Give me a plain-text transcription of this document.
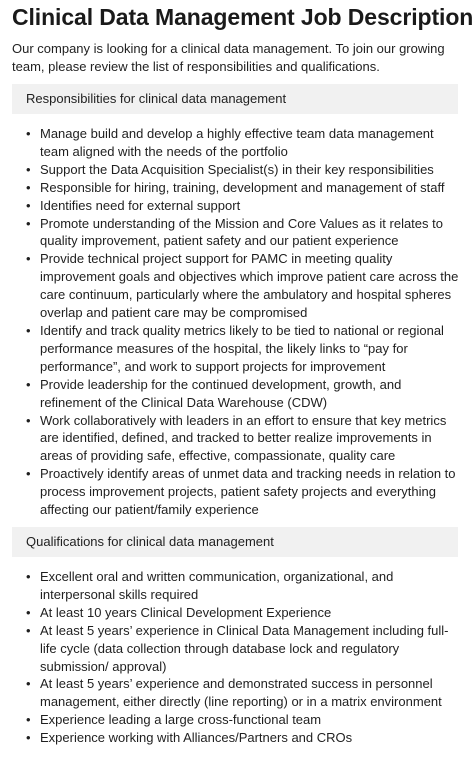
Clinical Data Management Job Description

Our company is looking for a clinical data management. To join our growing team, please review the list of responsibilities and qualifications.

Responsibilities for clinical data management
• Manage build and develop a highly effective team data management team aligned with the needs of the portfolio
• Support the Data Acquisition Specialist(s) in their key responsibilities
• Responsible for hiring, training, development and management of staff
• Identifies need for external support
• Promote understanding of the Mission and Core Values as it relates to quality improvement, patient safety and our patient experience
• Provide technical project support for PAMC in meeting quality improvement goals and objectives which improve patient care across the care continuum, particularly where the ambulatory and hospital spheres overlap and patient care may be compromised
• Identify and track quality metrics likely to be tied to national or regional performance measures of the hospital, the likely links to “pay for performance”, and work to support projects for improvement
• Provide leadership for the continued development, growth, and refinement of the Clinical Data Warehouse (CDW)
• Work collaboratively with leaders in an effort to ensure that key metrics are identified, defined, and tracked to better realize improvements in areas of providing safe, effective, compassionate, quality care
• Proactively identify areas of unmet data and tracking needs in relation to process improvement projects, patient safety projects and everything affecting our patient/family experience
Qualifications for clinical data management
• Excellent oral and written communication, organizational, and interpersonal skills required
• At least 10 years Clinical Development Experience
• At least 5 years’ experience in Clinical Data Management including full-life cycle (data collection through database lock and regulatory submission/ approval)
• At least 5 years’ experience and demonstrated success in personnel management, either directly (line reporting) or in a matrix environment
• Experience leading a large cross-functional team
• Experience working with Alliances/Partners and CROs
